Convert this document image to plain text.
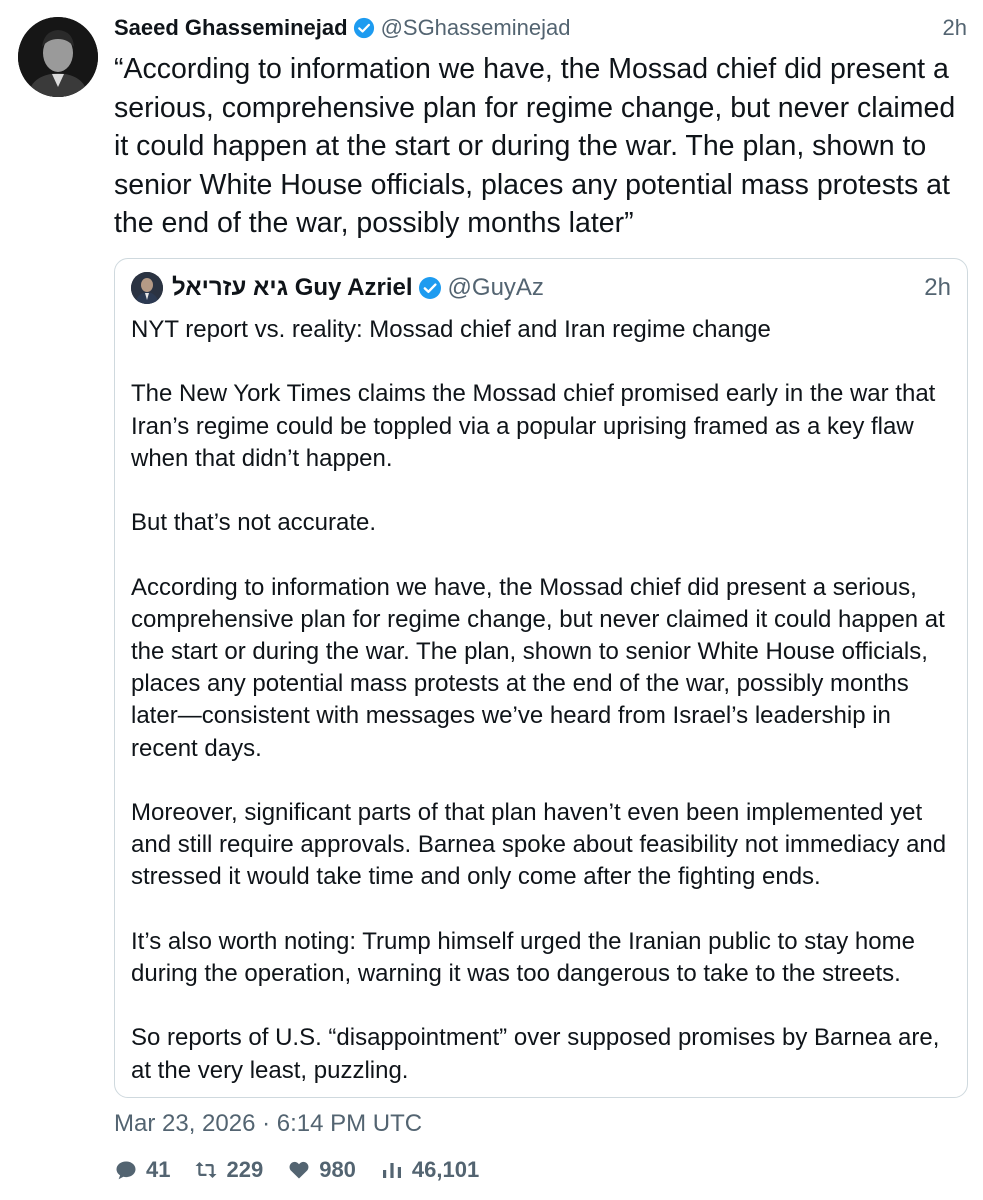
Saeed Ghasseminejad @SGhasseminejad	2h

“According to information we have, the Mossad chief did present a serious, comprehensive plan for regime change, but never claimed it could happen at the start or during the war. The plan, shown to senior White House officials, places any potential mass protests at the end of the war, possibly months later”

גיא עזריאל Guy Azriel @GuyAz	2h

NYT report vs. reality: Mossad chief and Iran regime change

The New York Times claims the Mossad chief promised early in the war that Iran’s regime could be toppled via a popular uprising framed as a key flaw when that didn’t happen.

But that’s not accurate.

According to information we have, the Mossad chief did present a serious, comprehensive plan for regime change, but never claimed it could happen at the start or during the war. The plan, shown to senior White House officials, places any potential mass protests at the end of the war, possibly months later—consistent with messages we’ve heard from Israel’s leadership in recent days.

Moreover, significant parts of that plan haven’t even been implemented yet and still require approvals. Barnea spoke about feasibility not immediacy and stressed it would take time and only come after the fighting ends.

It’s also worth noting: Trump himself urged the Iranian public to stay home during the operation, warning it was too dangerous to take to the streets.

So reports of U.S. “disappointment” over supposed promises by Barnea are, at the very least, puzzling.

Mar 23, 2026 · 6:14 PM UTC
41	229	980	46,101
